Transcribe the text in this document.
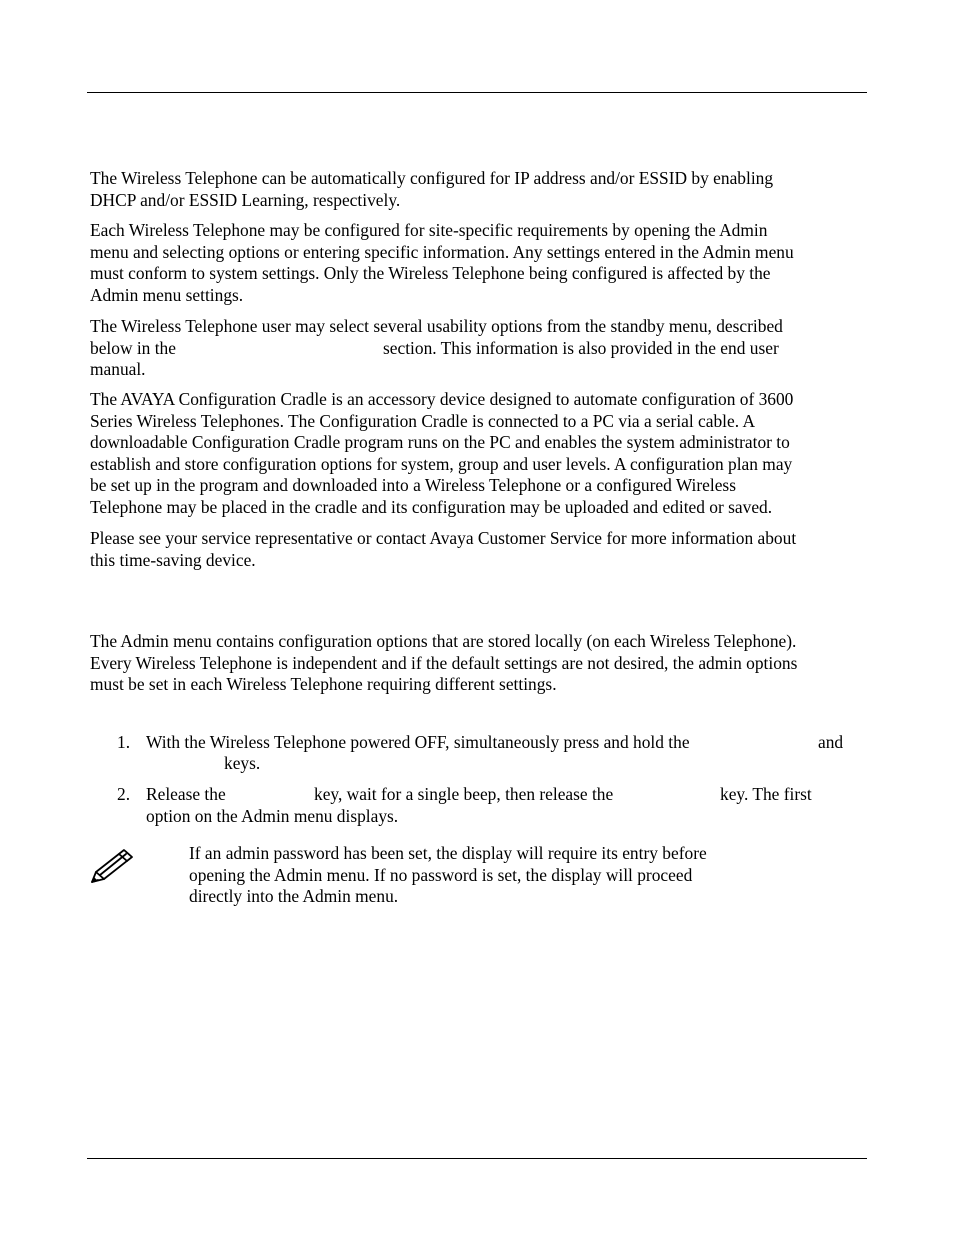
The Wireless Telephone can be automatically configured for IP address and/or ESSID by enabling
DHCP and/or ESSID Learning, respectively.

Each Wireless Telephone may be configured for site-specific requirements by opening the Admin
menu and selecting options or entering specific information. Any settings entered in the Admin menu
must conform to system settings. Only the Wireless Telephone being configured is affected by the
Admin menu settings.

The Wireless Telephone user may select several usability options from the standby menu, described
below in the	section. This information is also provided in the end user
manual.

The AVAYA Configuration Cradle is an accessory device designed to automate configuration of 3600
Series Wireless Telephones. The Configuration Cradle is connected to a PC via a serial cable. A
downloadable Configuration Cradle program runs on the PC and enables the system administrator to
establish and store configuration options for system, group and user levels. A configuration plan may
be set up in the program and downloaded into a Wireless Telephone or a configured Wireless
Telephone may be placed in the cradle and its configuration may be uploaded and edited or saved.

Please see your service representative or contact Avaya Customer Service for more information about
this time-saving device.

The Admin menu contains configuration options that are stored locally (on each Wireless Telephone).
Every Wireless Telephone is independent and if the default settings are not desired, the admin options
must be set in each Wireless Telephone requiring different settings.

1. With the Wireless Telephone powered OFF, simultaneously press and hold the	and
keys.
2. Release the	key, wait for a single beep, then release the	key. The first
option on the Admin menu displays.
If an admin password has been set, the display will require its entry before
opening the Admin menu. If no password is set, the display will proceed
directly into the Admin menu.
